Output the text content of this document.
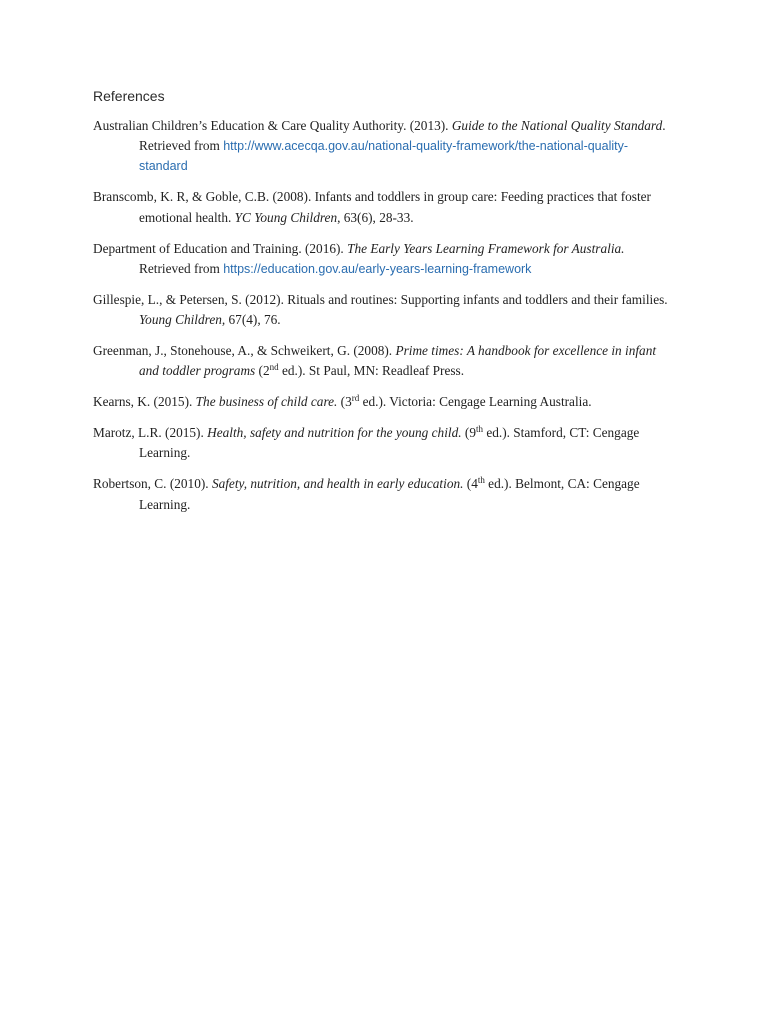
References

Australian Children’s Education & Care Quality Authority. (2013). Guide to the National Quality Standard. Retrieved from http://www.acecqa.gov.au/national-quality-framework/the-national-quality-standard

Branscomb, K. R, & Goble, C.B. (2008). Infants and toddlers in group care: Feeding practices that foster emotional health. YC Young Children, 63(6), 28-33.

Department of Education and Training. (2016). The Early Years Learning Framework for Australia. Retrieved from https://education.gov.au/early-years-learning-framework

Gillespie, L., & Petersen, S. (2012). Rituals and routines: Supporting infants and toddlers and their families. Young Children, 67(4), 76.

Greenman, J., Stonehouse, A., & Schweikert, G. (2008). Prime times: A handbook for excellence in infant and toddler programs (2nd ed.). St Paul, MN: Readleaf Press.

Kearns, K. (2015). The business of child care. (3rd ed.). Victoria: Cengage Learning Australia.

Marotz, L.R. (2015). Health, safety and nutrition for the young child. (9th ed.). Stamford, CT: Cengage Learning.

Robertson, C. (2010). Safety, nutrition, and health in early education. (4th ed.). Belmont, CA: Cengage Learning.
